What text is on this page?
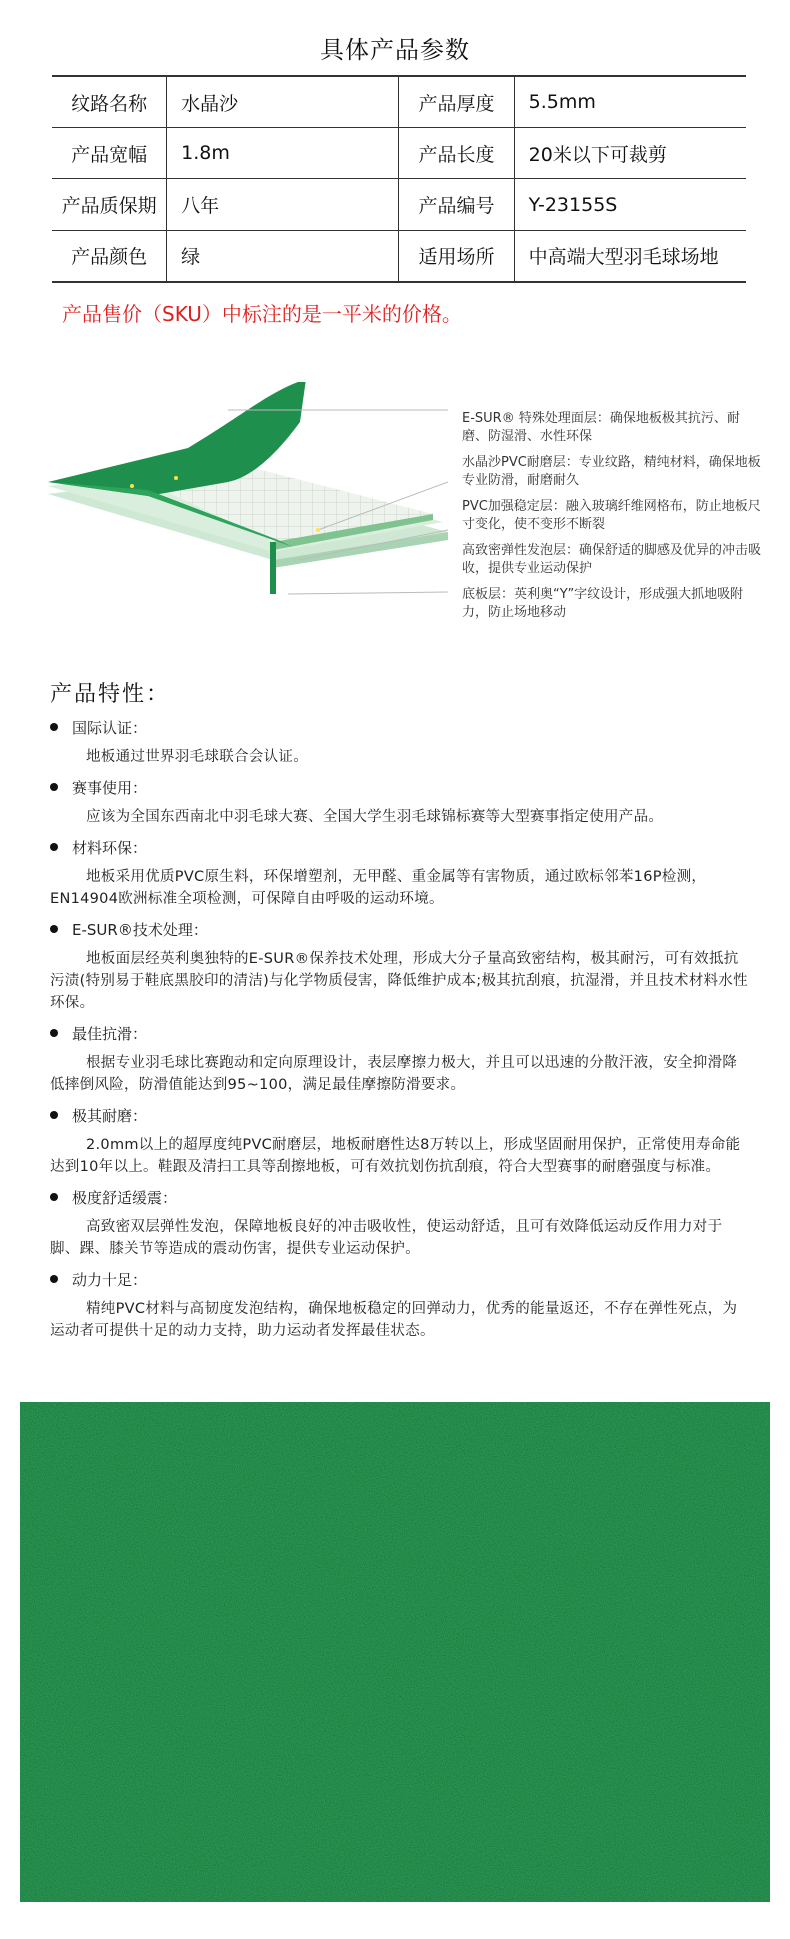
具体产品参数
纹路名称	水晶沙	产品厚度	5.5mm
产品宽幅	1.8m	产品长度	20米以下可裁剪
产品质保期	八年	产品编号	Y-23155S
产品颜色	绿	适用场所	中高端大型羽毛球场地
产品售价（SKU）中标注的是一平米的价格。
E-SUR® 特殊处理面层：确保地板极其抗污、耐磨、防湿滑、水性环保
水晶沙PVC耐磨层：专业纹路，精纯材料，确保地板专业防滑，耐磨耐久
PVC加强稳定层：融入玻璃纤维网格布，防止地板尺寸变化，使不变形不断裂
高致密弹性发泡层：确保舒适的脚感及优异的冲击吸收，提供专业运动保护
底板层：英利奥“Y”字纹设计，形成强大抓地吸附力，防止场地移动
产品特性：
国际认证：
地板通过世界羽毛球联合会认证。
赛事使用：
应该为全国东西南北中羽毛球大赛、全国大学生羽毛球锦标赛等大型赛事指定使用产品。
材料环保：
地板采用优质PVC原生料，环保增塑剂，无甲醛、重金属等有害物质，通过欧标邻苯16P检测，EN14904欧洲标准全项检测，可保障自由呼吸的运动环境。
E-SUR®技术处理：
地板面层经英利奥独特的E-SUR®保养技术处理，形成大分子量高致密结构，极其耐污，可有效抵抗污渍(特别易于鞋底黑胶印的清洁)与化学物质侵害，降低维护成本;极其抗刮痕，抗湿滑，并且技术材料水性环保。
最佳抗滑：
根据专业羽毛球比赛跑动和定向原理设计，表层摩擦力极大，并且可以迅速的分散汗液，安全抑滑降低摔倒风险，防滑值能达到95~100，满足最佳摩擦防滑要求。
极其耐磨：
2.0mm以上的超厚度纯PVC耐磨层，地板耐磨性达8万转以上，形成坚固耐用保护，正常使用寿命能达到10年以上。鞋跟及清扫工具等刮擦地板，可有效抗划伤抗刮痕，符合大型赛事的耐磨强度与标准。
极度舒适缓震：
高致密双层弹性发泡，保障地板良好的冲击吸收性，使运动舒适，且可有效降低运动反作用力对于脚、踝、膝关节等造成的震动伤害，提供专业运动保护。
动力十足：
精纯PVC材料与高韧度发泡结构，确保地板稳定的回弹动力，优秀的能量返还，不存在弹性死点，为运动者可提供十足的动力支持，助力运动者发挥最佳状态。
